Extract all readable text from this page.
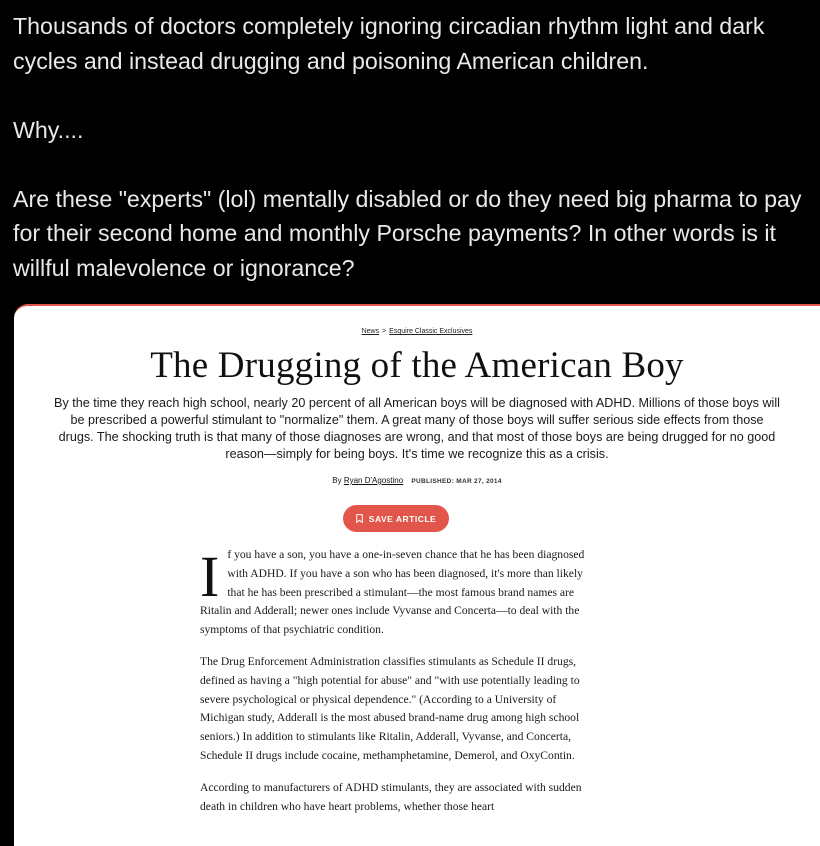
Thousands of doctors completely ignoring circadian rhythm light and dark cycles and instead drugging and poisoning American children.

Why....

Are these "experts" (lol) mentally disabled or do they need big pharma to pay for their second home and monthly Porsche payments? In other words is it willful malevolence or ignorance?

News > Esquire Classic Exclusives
The Drugging of the American Boy
By the time they reach high school, nearly 20 percent of all American boys will be diagnosed with ADHD. Millions of those boys will be prescribed a powerful stimulant to "normalize" them. A great many of those boys will suffer serious side effects from those drugs. The shocking truth is that many of those diagnoses are wrong, and that most of those boys are being drugged for no good reason—simply for being boys. It's time we recognize this as a crisis.
By Ryan D'Agostino PUBLISHED: MAR 27, 2014
SAVE ARTICLE

If you have a son, you have a one-in-seven chance that he has been diagnosed with ADHD. If you have a son who has been diagnosed, it's more than likely that he has been prescribed a stimulant—the most famous brand names are Ritalin and Adderall; newer ones include Vyvanse and Concerta—to deal with the symptoms of that psychiatric condition.

The Drug Enforcement Administration classifies stimulants as Schedule II drugs, defined as having a "high potential for abuse" and "with use potentially leading to severe psychological or physical dependence." (According to a University of Michigan study, Adderall is the most abused brand-name drug among high school seniors.) In addition to stimulants like Ritalin, Adderall, Vyvanse, and Concerta, Schedule II drugs include cocaine, methamphetamine, Demerol, and OxyContin.

According to manufacturers of ADHD stimulants, they are associated with sudden death in children who have heart problems, whether those heart
